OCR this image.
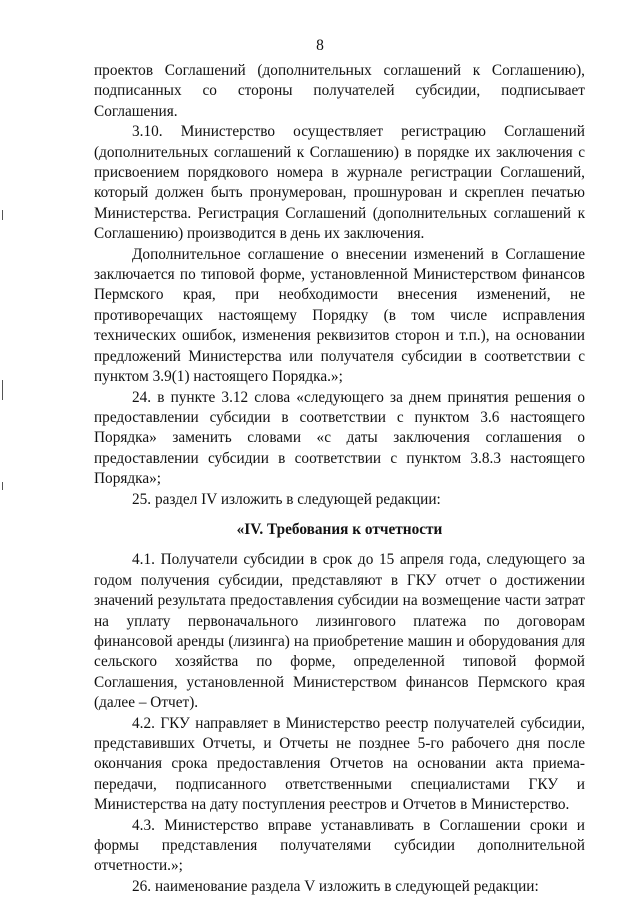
8

проектов Соглашений (дополнительных соглашений к Соглашению), подписанных со стороны получателей субсидии, подписывает Соглашения.

3.10. Министерство осуществляет регистрацию Соглашений (дополнительных соглашений к Соглашению) в порядке их заключения с присвоением порядкового номера в журнале регистрации Соглашений, который должен быть пронумерован, прошнурован и скреплен печатью Министерства. Регистрация Соглашений (дополнительных соглашений к Соглашению) производится в день их заключения.

Дополнительное соглашение о внесении изменений в Соглашение заключается по типовой форме, установленной Министерством финансов Пермского края, при необходимости внесения изменений, не противоречащих настоящему Порядку (в том числе исправления технических ошибок, изменения реквизитов сторон и т.п.), на основании предложений Министерства или получателя субсидии в соответствии с пунктом 3.9(1) настоящего Порядка.»;

24. в пункте 3.12 слова «следующего за днем принятия решения о предоставлении субсидии в соответствии с пунктом 3.6 настоящего Порядка» заменить словами «с даты заключения соглашения о предоставлении субсидии в соответствии с пунктом 3.8.3 настоящего Порядка»;

25. раздел IV изложить в следующей редакции:

«IV. Требования к отчетности

4.1. Получатели субсидии в срок до 15 апреля года, следующего за годом получения субсидии, представляют в ГКУ отчет о достижении значений результата предоставления субсидии на возмещение части затрат на уплату первоначального лизингового платежа по договорам финансовой аренды (лизинга) на приобретение машин и оборудования для сельского хозяйства по форме, определенной типовой формой Соглашения, установленной Министерством финансов Пермского края (далее – Отчет).

4.2. ГКУ направляет в Министерство реестр получателей субсидии, представивших Отчеты, и Отчеты не позднее 5-го рабочего дня после окончания срока предоставления Отчетов на основании акта приема-передачи, подписанного ответственными специалистами ГКУ и Министерства на дату поступления реестров и Отчетов в Министерство.

4.3. Министерство вправе устанавливать в Соглашении сроки и формы представления получателями субсидии дополнительной отчетности.»;

26. наименование раздела V изложить в следующей редакции:
